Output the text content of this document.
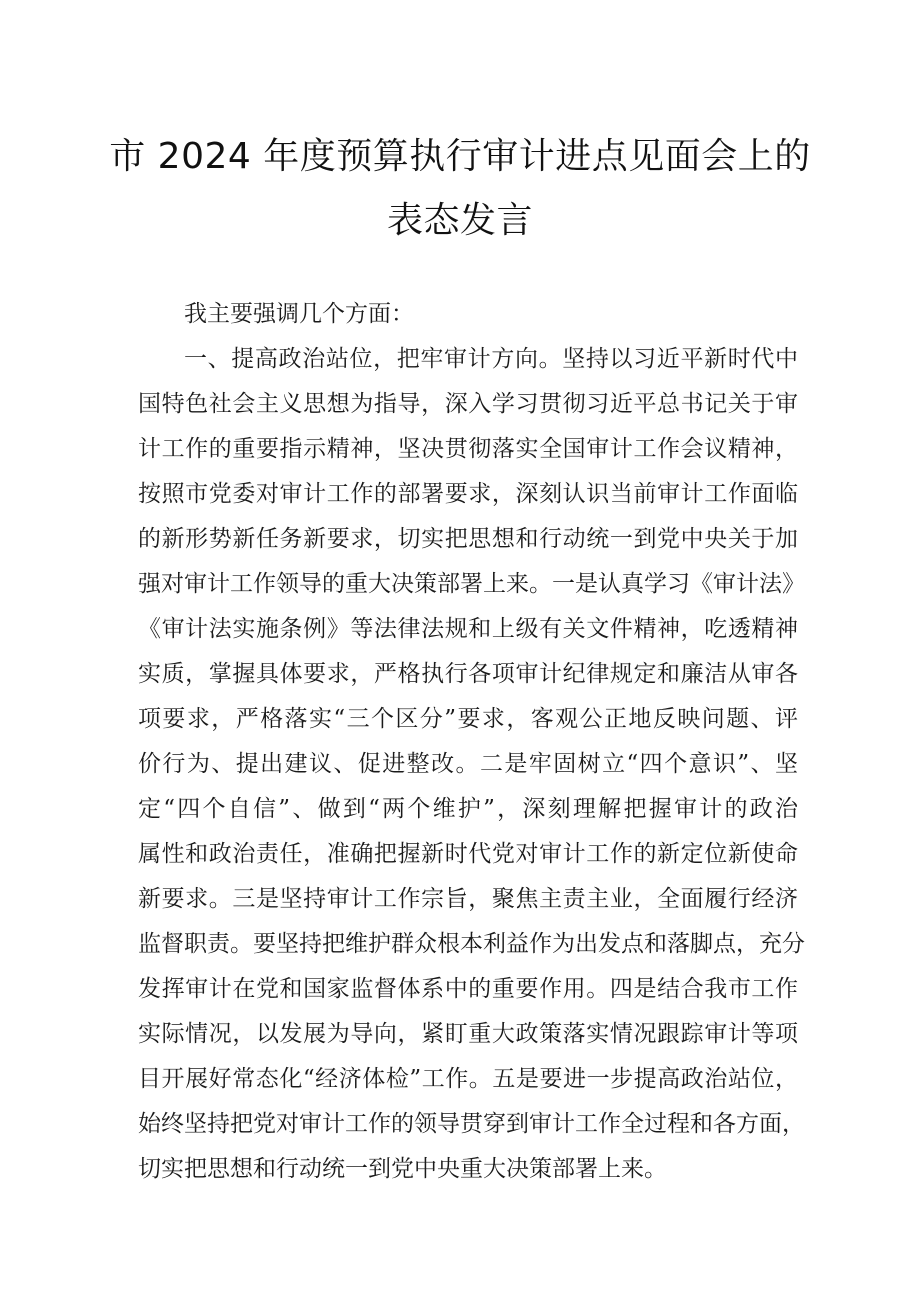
市 2024 年度预算执行审计进点见面会上的
表态发言
我主要强调几个方面：
一、提高政治站位，把牢审计方向。坚持以习近平新时代中
国特色社会主义思想为指导，深入学习贯彻习近平总书记关于审
计工作的重要指示精神，坚决贯彻落实全国审计工作会议精神，
按照市党委对审计工作的部署要求，深刻认识当前审计工作面临
的新形势新任务新要求，切实把思想和行动统一到党中央关于加
强对审计工作领导的重大决策部署上来。一是认真学习《审计法》
《审计法实施条例》等法律法规和上级有关文件精神，吃透精神
实质，掌握具体要求，严格执行各项审计纪律规定和廉洁从审各
项要求，严格落实“三个区分”要求，客观公正地反映问题、评
价行为、提出建议、促进整改。二是牢固树立“四个意识”、坚
定“四个自信”、做到“两个维护”，深刻理解把握审计的政治
属性和政治责任，准确把握新时代党对审计工作的新定位新使命
新要求。三是坚持审计工作宗旨，聚焦主责主业，全面履行经济
监督职责。要坚持把维护群众根本利益作为出发点和落脚点，充分
发挥审计在党和国家监督体系中的重要作用。四是结合我市工作
实际情况，以发展为导向，紧盯重大政策落实情况跟踪审计等项
目开展好常态化“经济体检”工作。五是要进一步提高政治站位，
始终坚持把党对审计工作的领导贯穿到审计工作全过程和各方面，
切实把思想和行动统一到党中央重大决策部署上来。
